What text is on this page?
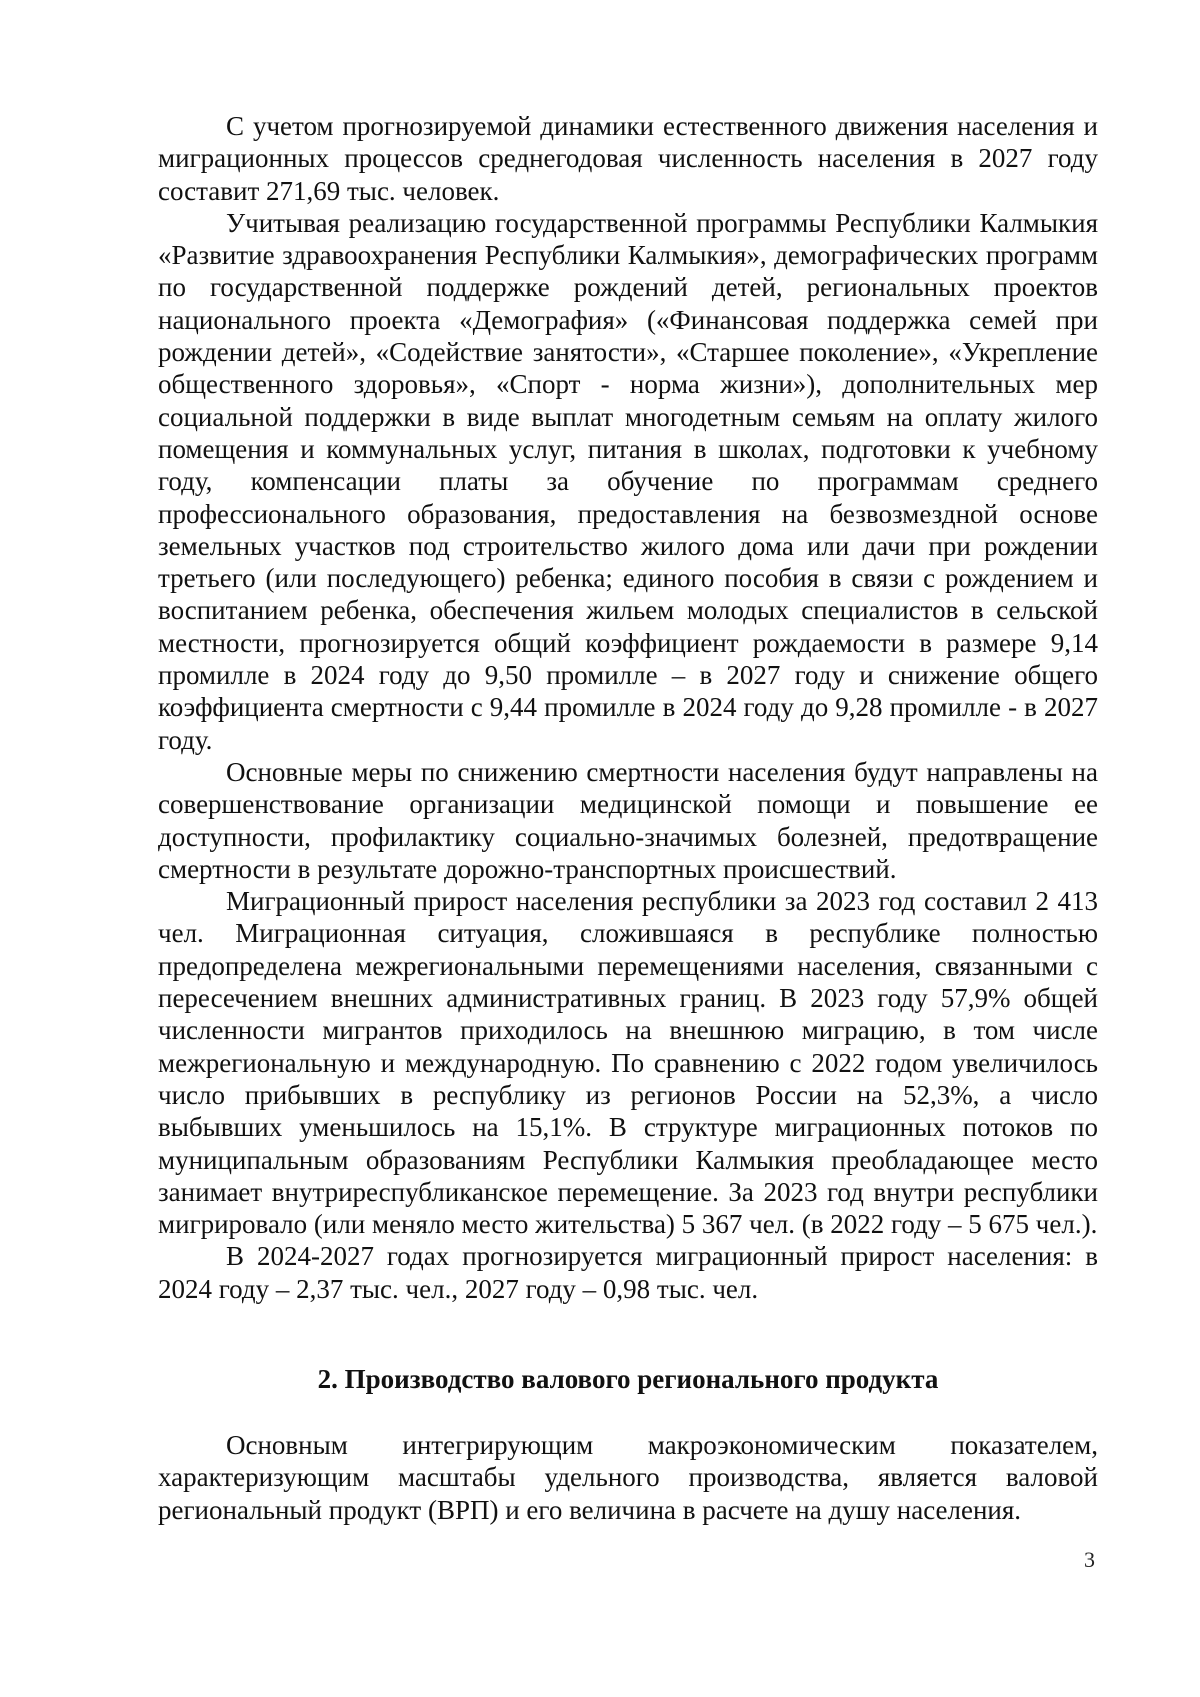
С учетом прогнозируемой динамики естественного движения населения и миграционных процессов среднегодовая численность населения в 2027 году составит 271,69 тыс. человек.

Учитывая реализацию государственной программы Республики Калмыкия «Развитие здравоохранения Республики Калмыкия», демографических программ по государственной поддержке рождений детей, региональных проектов национального проекта «Демография» («Финансовая поддержка семей при рождении детей», «Содействие занятости», «Старшее поколение», «Укрепление общественного здоровья», «Спорт - норма жизни»), дополнительных мер социальной поддержки в виде выплат многодетным семьям на оплату жилого помещения и коммунальных услуг, питания в школах, подготовки к учебному году, компенсации платы за обучение по программам среднего профессионального образования, предоставления на безвозмездной основе земельных участков под строительство жилого дома или дачи при рождении третьего (или последующего) ребенка; единого пособия в связи с рождением и воспитанием ребенка, обеспечения жильем молодых специалистов в сельской местности, прогнозируется общий коэффициент рождаемости в размере 9,14 промилле в 2024 году до 9,50 промилле – в 2027 году и снижение общего коэффициента смертности с 9,44 промилле в 2024 году до 9,28 промилле - в 2027 году.

Основные меры по снижению смертности населения будут направлены на совершенствование организации медицинской помощи и повышение ее доступности, профилактику социально-значимых болезней, предотвращение смертности в результате дорожно-транспортных происшествий.

Миграционный прирост населения республики за 2023 год составил 2 413 чел. Миграционная ситуация, сложившаяся в республике полностью предопределена межрегиональными перемещениями населения, связанными с пересечением внешних административных границ. В 2023 году 57,9% общей численности мигрантов приходилось на внешнюю миграцию, в том числе межрегиональную и международную. По сравнению с 2022 годом увеличилось число прибывших в республику из регионов России на 52,3%, а число выбывших уменьшилось на 15,1%. В структуре миграционных потоков по муниципальным образованиям Республики Калмыкия преобладающее место занимает внутриреспубликанское перемещение. За 2023 год внутри республики мигрировало (или меняло место жительства) 5 367 чел. (в 2022 году – 5 675 чел.).

В 2024-2027 годах прогнозируется миграционный прирост населения: в 2024 году – 2,37 тыс. чел., 2027 году – 0,98 тыс. чел.

2. Производство валового регионального продукта

Основным интегрирующим макроэкономическим показателем, характеризующим масштабы удельного производства, является валовой региональный продукт (ВРП) и его величина в расчете на душу населения.

3
